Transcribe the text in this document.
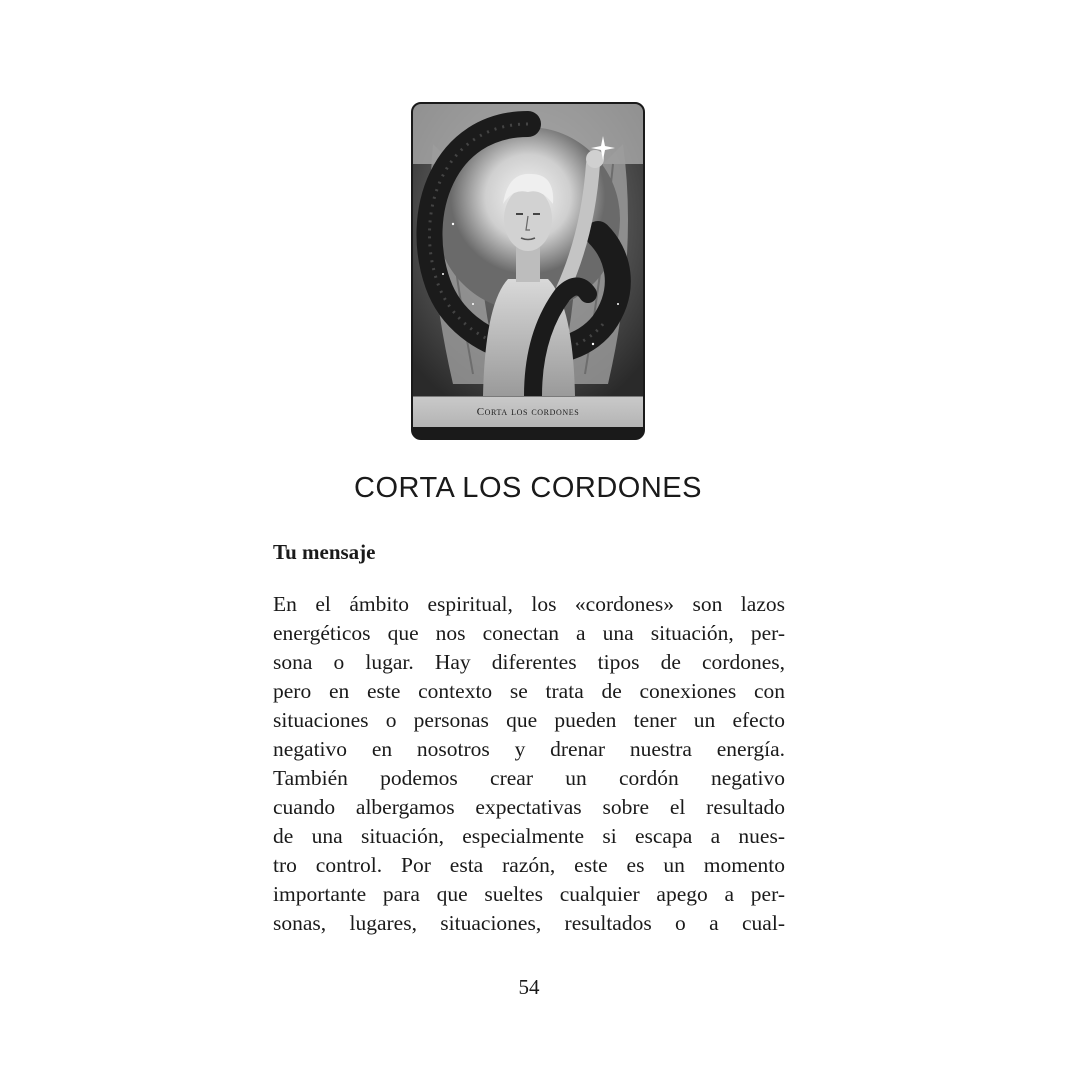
Corta los cordones
CORTA LOS CORDONES
Tu mensaje
En el ámbito espiritual, los «cordones» son lazos
energéticos que nos conectan a una situación, per-
sona o lugar. Hay diferentes tipos de cordones,
pero en este contexto se trata de conexiones con
situaciones o personas que pueden tener un efecto
negativo en nosotros y drenar nuestra energía.
También podemos crear un cordón negativo
cuando albergamos expectativas sobre el resultado
de una situación, especialmente si escapa a nues-
tro control. Por esta razón, este es un momento
importante para que sueltes cualquier apego a per-
sonas, lugares, situaciones, resultados o a cual-
54
